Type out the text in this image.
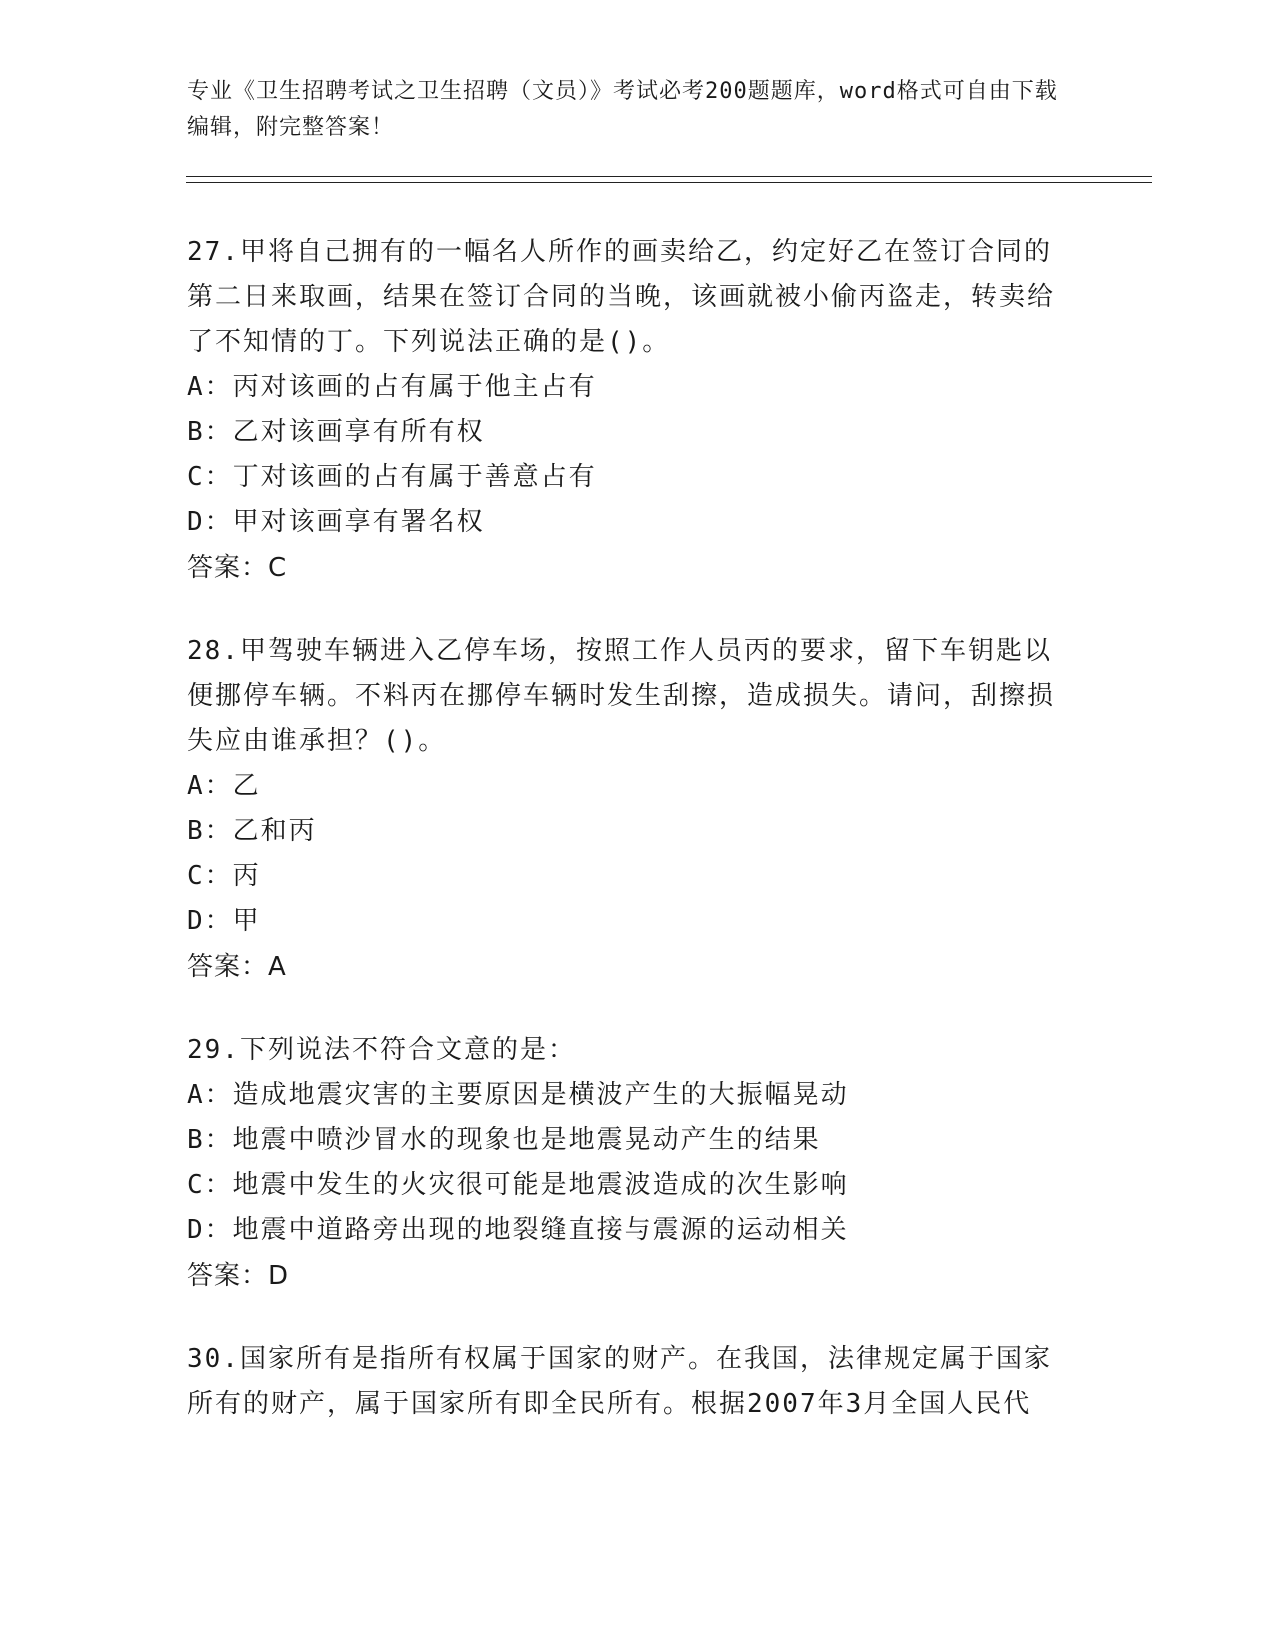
专业《卫生招聘考试之卫生招聘（文员）》考试必考200题题库，word格式可自由下载编辑，附完整答案！
27.甲将自己拥有的一幅名人所作的画卖给乙，约定好乙在签订合同的第二日来取画，结果在签订合同的当晚，该画就被小偷丙盗走，转卖给了不知情的丁。下列说法正确的是()。
A：丙对该画的占有属于他主占有
B：乙对该画享有所有权
C：丁对该画的占有属于善意占有
D：甲对该画享有署名权
答案：C
28.甲驾驶车辆进入乙停车场，按照工作人员丙的要求，留下车钥匙以便挪停车辆。不料丙在挪停车辆时发生刮擦，造成损失。请问，刮擦损失应由谁承担？()。
A：乙
B：乙和丙
C：丙
D：甲
答案：A
29.下列说法不符合文意的是：
A：造成地震灾害的主要原因是横波产生的大振幅晃动
B：地震中喷沙冒水的现象也是地震晃动产生的结果
C：地震中发生的火灾很可能是地震波造成的次生影响
D：地震中道路旁出现的地裂缝直接与震源的运动相关
答案：D
30.国家所有是指所有权属于国家的财产。在我国，法律规定属于国家所有的财产，属于国家所有即全民所有。根据2007年3月全国人民代
